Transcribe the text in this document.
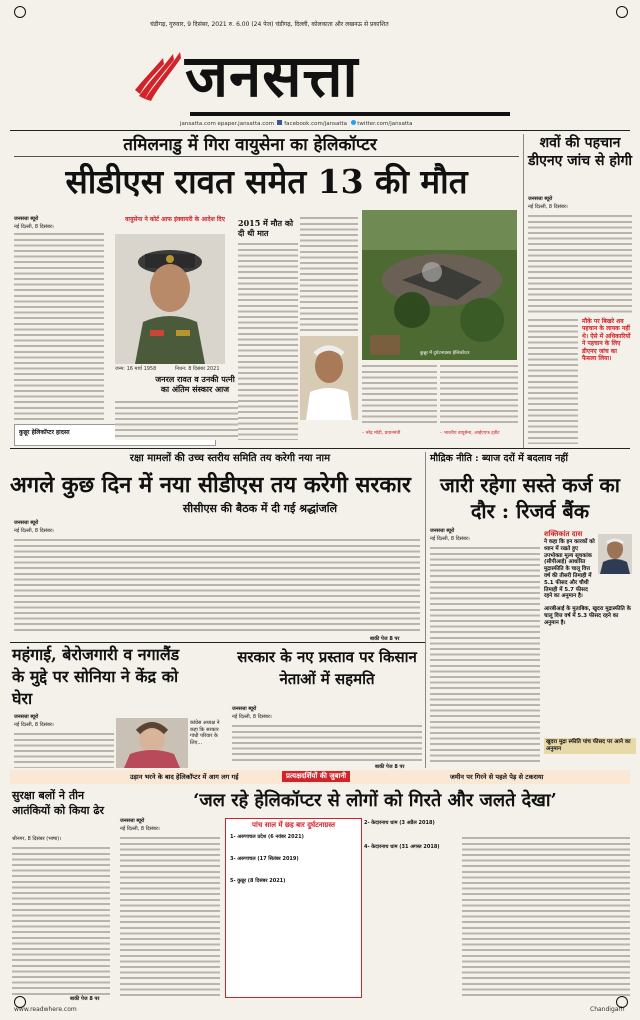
चंडीगढ़, गुरुवार, 9 दिसंबर, 2021 रु. 6.00 (24 पेज) चंडीगढ़, दिल्ली, कोलकाता और लखनऊ से प्रकाशित
जनसत्ता
jansatta.com epaper.jansatta.com facebook.com/jansatta twitter.com/jansatta
तमिलनाडु में गिरा वायुसेना का हेलिकॉप्टर
सीडीएस रावत समेत 13 की मौत
जनसत्ता ब्यूरो
नई दिल्ली, 8 दिसंबर।
कुन्नूर हेलिकॉप्टर हादसा
वायुसेना ने कोर्ट आफ इंक्वायरी के आदेश दिए
जन्म: 16 मार्च 1958	निधन: 8 दिसंबर 2021
जनरल रावत व उनकी पत्नी का अंतिम संस्कार आज
2015 में मौत को दी थी मात
कुन्नूर में दुर्घटनाग्रस्त हेलिकॉप्टर
– नरेंद्र मोदी, प्रधानमंत्री	– भारतीय वायुसेना, आईएएफ ट्वीट
शवों की पहचान डीएनए जांच से होगी
जनसत्ता ब्यूरो
नई दिल्ली, 8 दिसंबर।
मौके पर बिखरे शव पहचान के लायक नहीं थे। ऐसे में अधिकारियों ने पहचान के लिए डीएनए जांच का फैसला लिया।
रक्षा मामलों की उच्च स्तरीय समिति तय करेगी नया नाम
अगले कुछ दिन में नया सीडीएस तय करेगी सरकार
सीसीएस की बैठक में दी गई श्रद्धांजलि
जनसत्ता ब्यूरो
नई दिल्ली, 8 दिसंबर।
बाकी पेज 8 पर
मौद्रिक नीति : ब्याज दरों में बदलाव नहीं
जारी रहेगा सस्ते कर्ज का दौर : रिजर्व बैंक
जनसत्ता ब्यूरो
नई दिल्ली, 8 दिसंबर।
शक्तिकांत दास
ने कहा कि इन कारकों को ध्यान में रखते हुए उपभोक्ता मूल्य सूचकांक (सीपीआई) आधारित मुद्रास्फीति के चालू वित्त वर्ष की तीसरी तिमाही में 5.1 फीसद और चौथी तिमाही में 5.7 फीसद रहने का अनुमान है।
आरबीआई के मुताबिक, खुदरा मुद्रास्फीति के चालू वित्त वर्ष में 5.3 फीसद रहने का अनुमान है।
खुदरा मुद्रा स्फीति पांच फीसद पर आने का अनुमान
महंगाई, बेरोजगारी व नगालैंड के मुद्दे पर सोनिया ने केंद्र को घेरा
जनसत्ता ब्यूरो
नई दिल्ली, 8 दिसंबर।	कांग्रेस अध्यक्ष ने कहा कि सरकार गांधी परिवार के लिए...
सरकार के नए प्रस्ताव पर किसान नेताओं में सहमति
जनसत्ता ब्यूरो
नई दिल्ली, 8 दिसंबर।
बाकी पेज 8 पर
उड़ान भरने के बाद हेलिकॉप्टर में आग लग गई	प्रत्यक्षदर्शियों की जुबानी	जमीन पर गिरने से पहले पेड़ से टकराया
सुरक्षा बलों ने तीन आतंकियों को किया ढेर
श्रीनगर, 8 दिसंबर (भाषा)।
बाकी पेज 8 पर
‘जल रहे हेलिकॉप्टर से लोगों को गिरते और जलते देखा’
जनसत्ता ब्यूरो
नई दिल्ली, 8 दिसंबर।	पांच साल में छह बार दुर्घटनाग्रस्त
1- अरुणाचल प्रदेश (6 नवंबर 2021)
3- अरुणाचल (17 सितंबर 2019)
5- कुन्नूर (8 दिसंबर 2021)
2- केदारनाथ धाम (3 अप्रैल 2018)
4- केदारनाथ धाम (31 अगस्त 2018)
www.readwhere.com	Chandigarh
